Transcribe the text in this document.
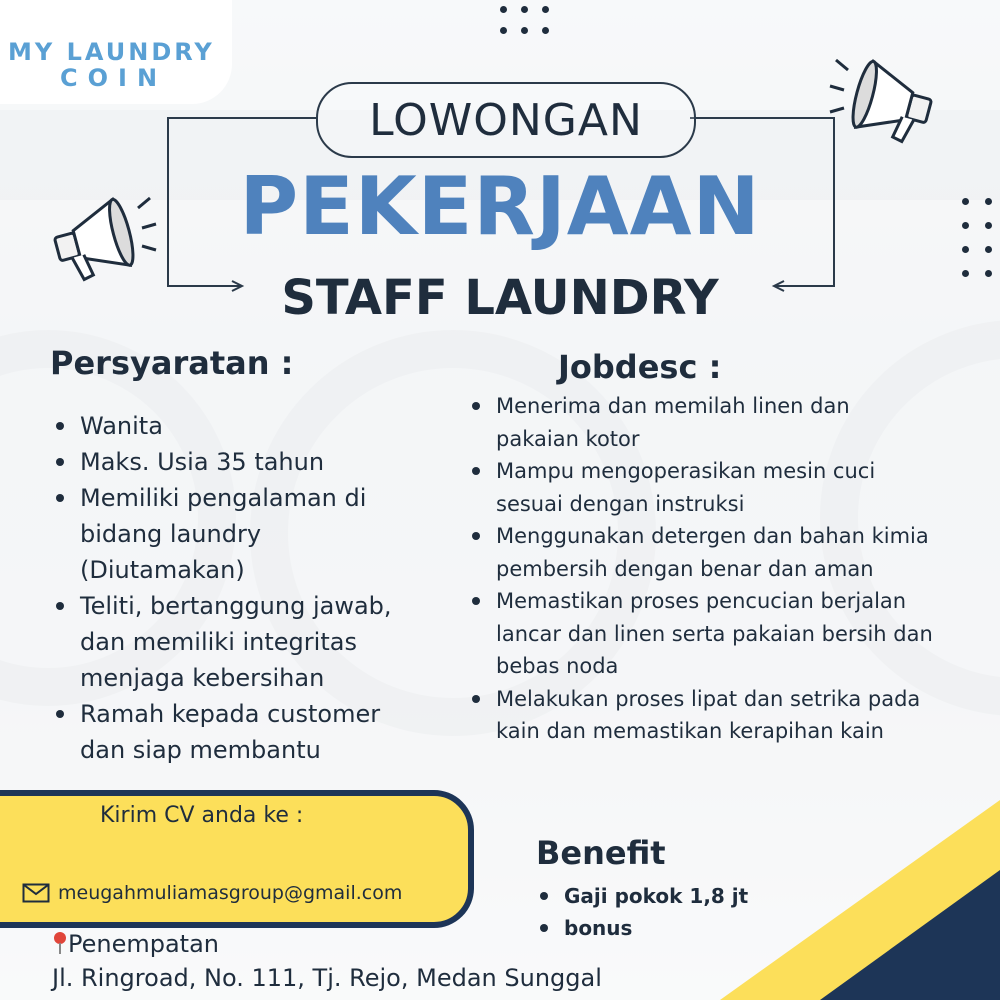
MY LAUNDRY
COIN
LOWONGAN
PEKERJAAN
STAFF LAUNDRY
Persyaratan :
Wanita
Maks. Usia 35 tahun
Memiliki pengalaman di bidang laundry (Diutamakan)
Teliti, bertanggung jawab, dan memiliki integritas menjaga kebersihan
Ramah kepada customer dan siap membantu
Jobdesc :
Menerima dan memilah linen dan pakaian kotor
Mampu mengoperasikan mesin cuci sesuai dengan instruksi
Menggunakan detergen dan bahan kimia pembersih dengan benar dan aman
Memastikan proses pencucian berjalan lancar dan linen serta pakaian bersih dan bebas noda
Melakukan proses lipat dan setrika pada kain dan memastikan kerapihan kain
Benefit
Gaji pokok 1,8 jt
bonus
Kirim CV anda ke :
meugahmuliamasgroup@gmail.com
Penempatan
Jl. Ringroad, No. 111, Tj. Rejo, Medan Sunggal
